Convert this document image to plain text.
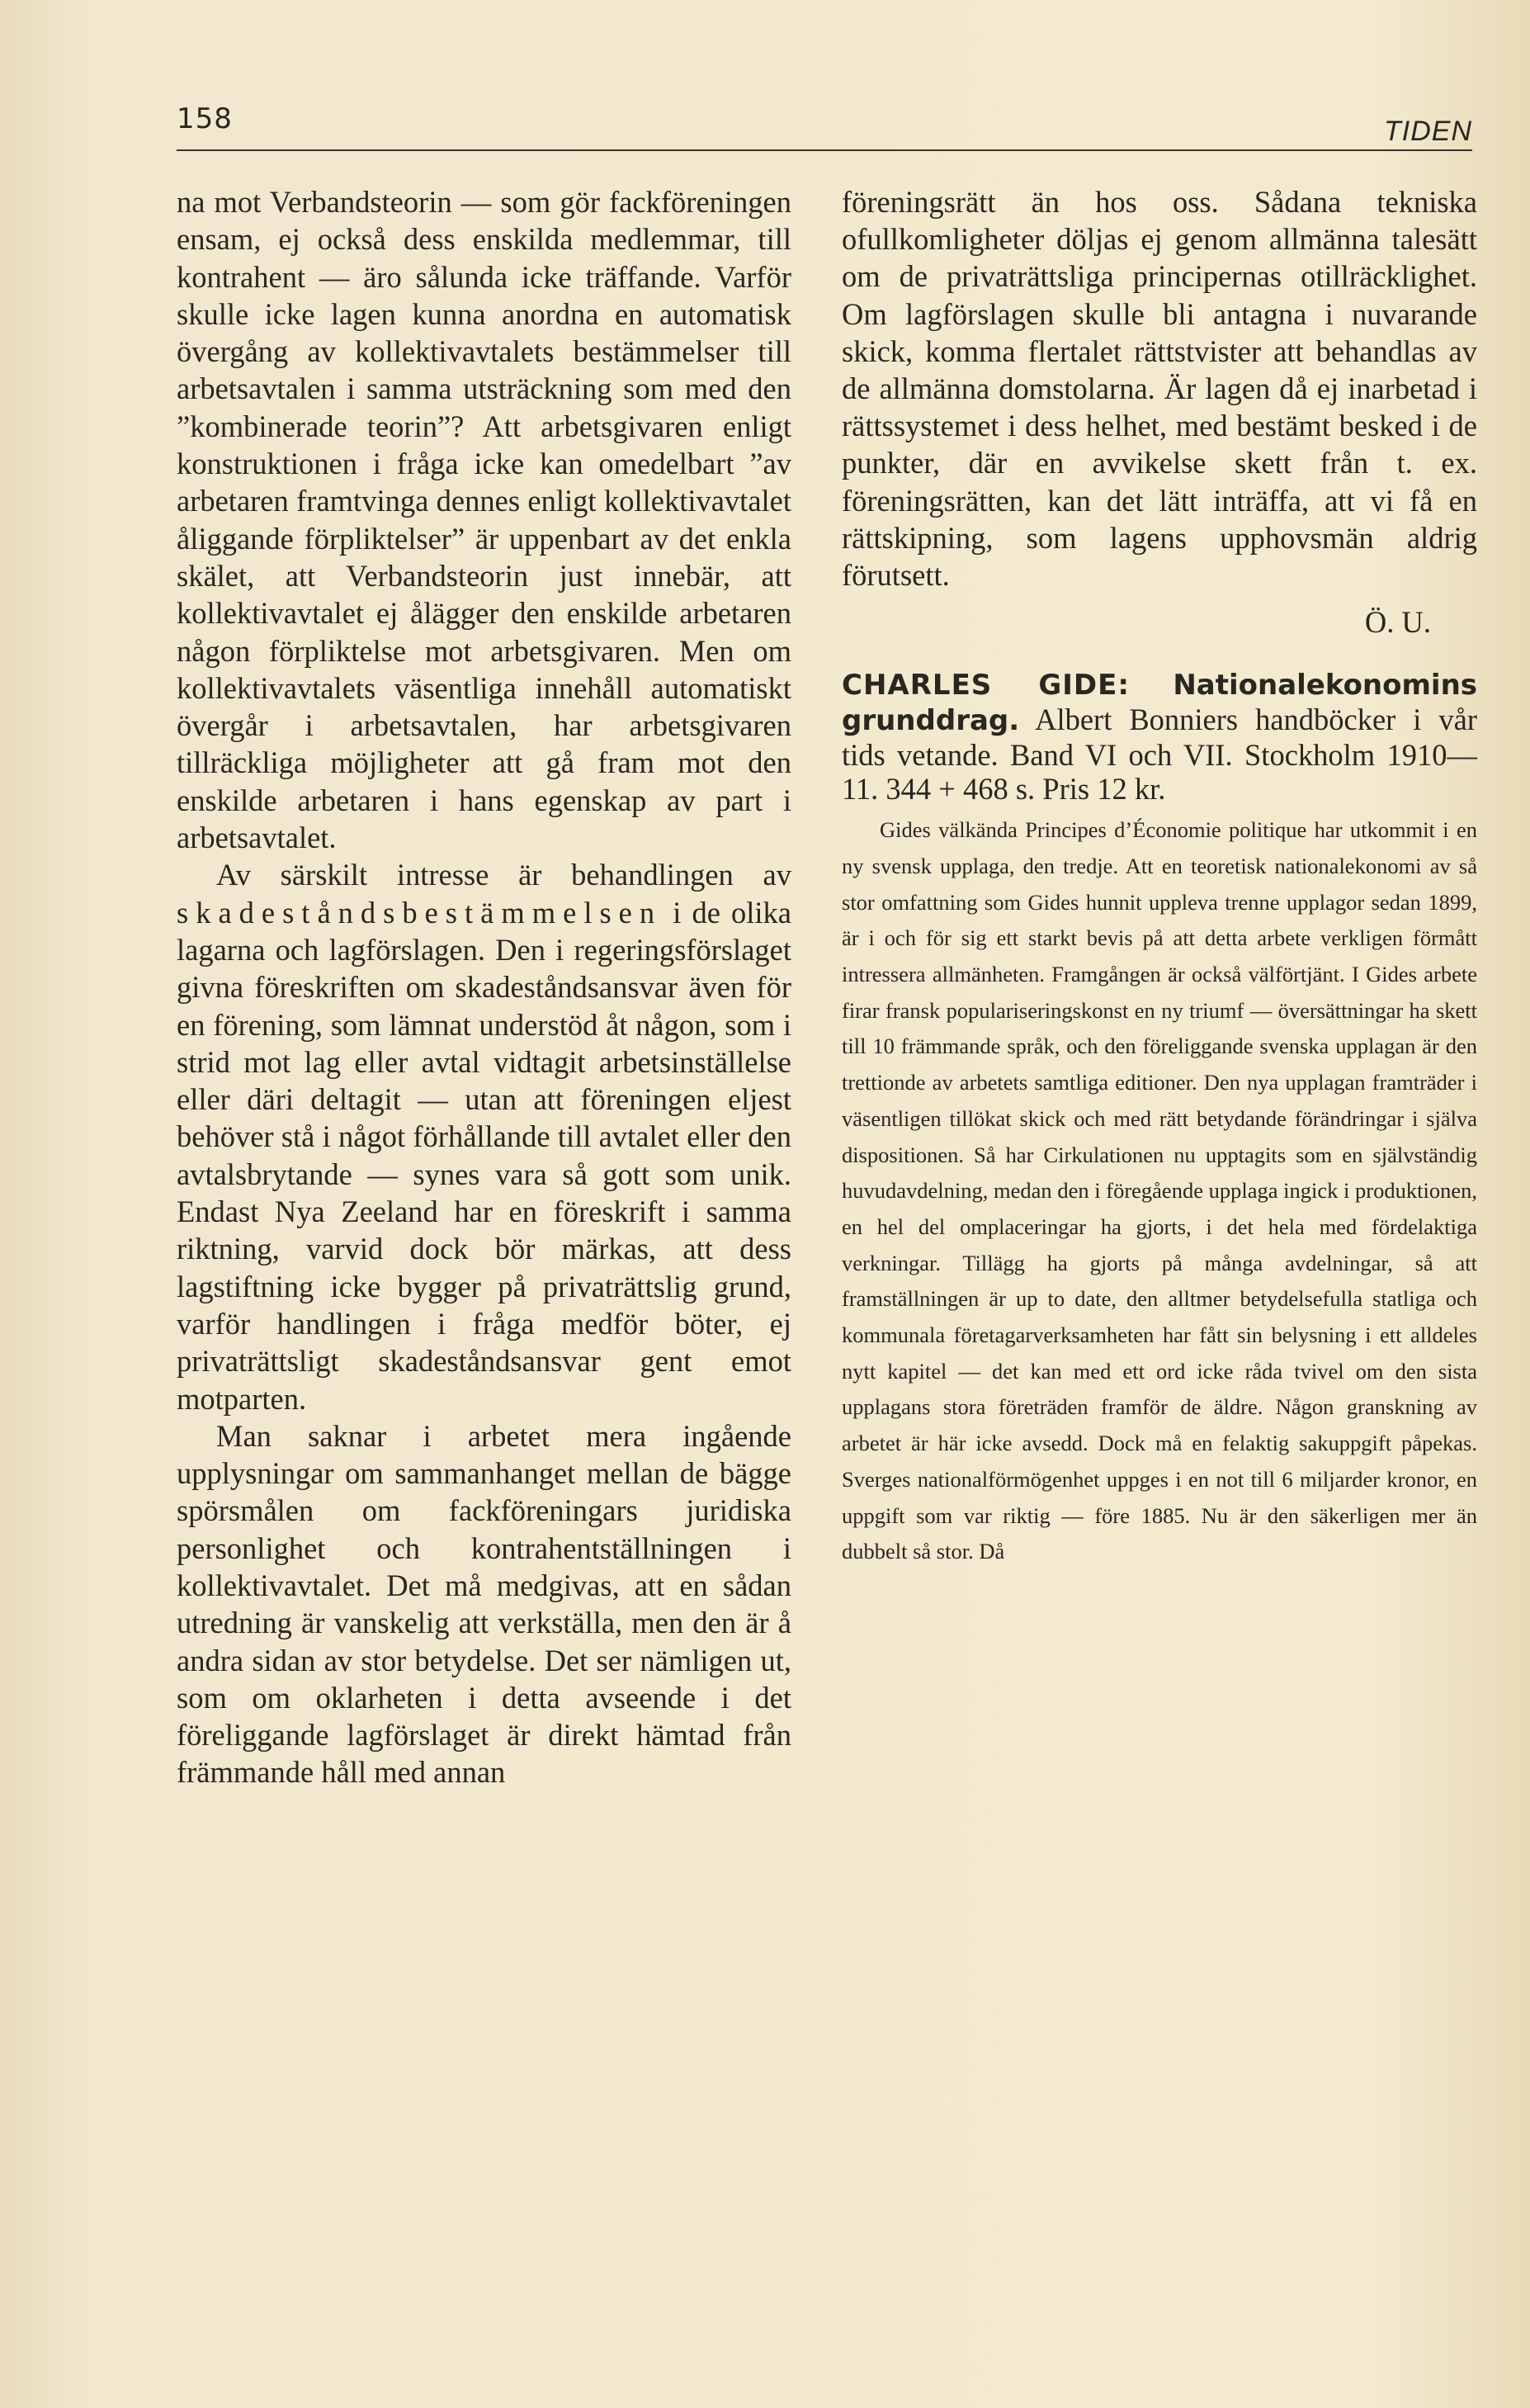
158	TIDEN

na mot Verbandsteorin — som gör fackföreningen ensam, ej också dess enskilda medlemmar, till kontrahent — äro sålunda icke träffande. Varför skulle icke lagen kunna anordna en automatisk övergång av kollektivavtalets bestämmelser till arbetsavtalen i samma utsträckning som med den ”kombinerade teorin”? Att arbetsgivaren enligt konstruktionen i fråga icke kan omedelbart ”av arbetaren framtvinga dennes enligt kollektivavtalet åliggande förpliktelser” är uppenbart av det enkla skälet, att Verbandsteorin just innebär, att kollektivavtalet ej ålägger den enskilde arbetaren någon förpliktelse mot arbetsgivaren. Men om kollektivavtalets väsentliga innehåll automatiskt övergår i arbetsavtalen, har arbetsgivaren tillräckliga möjligheter att gå fram mot den enskilde arbetaren i hans egenskap av part i arbetsavtalet.

Av särskilt intresse är behandlingen av skadeståndsbestämmelsen i de olika lagarna och lagförslagen. Den i regeringsförslaget givna föreskriften om skadeståndsansvar även för en förening, som lämnat understöd åt någon, som i strid mot lag eller avtal vidtagit arbetsinställelse eller däri deltagit — utan att föreningen eljest behöver stå i något förhållande till avtalet eller den avtalsbrytande — synes vara så gott som unik. Endast Nya Zeeland har en föreskrift i samma riktning, varvid dock bör märkas, att dess lagstiftning icke bygger på privaträttslig grund, varför handlingen i fråga medför böter, ej privaträttsligt skadeståndsansvar gent emot motparten.

Man saknar i arbetet mera ingående upplysningar om sammanhanget mellan de bägge spörsmålen om fackföreningars juridiska personlighet och kontrahentställningen i kollektivavtalet. Det må medgivas, att en sådan utredning är vanskelig att verkställa, men den är å andra sidan av stor betydelse. Det ser nämligen ut, som om oklarheten i detta avseende i det föreliggande lagförslaget är direkt hämtad från främmande håll med annan

föreningsrätt än hos oss. Sådana tekniska ofullkomligheter döljas ej genom allmänna talesätt om de privaträttsliga principernas otillräcklighet. Om lagförslagen skulle bli antagna i nuvarande skick, komma flertalet rättstvister att behandlas av de allmänna domstolarna. Är lagen då ej inarbetad i rättssystemet i dess helhet, med bestämt besked i de punkter, där en avvikelse skett från t. ex. föreningsrätten, kan det lätt inträffa, att vi få en rättskipning, som lagens upphovsmän aldrig förutsett.

Ö. U.

CHARLES GIDE: Nationalekonomins grunddrag. Albert Bonniers handböcker i vår tids vetande. Band VI och VII. Stockholm 1910—11. 344 + 468 s. Pris 12 kr.

Gides välkända Principes d’Économie politique har utkommit i en ny svensk upplaga, den tredje. Att en teoretisk nationalekonomi av så stor omfattning som Gides hunnit uppleva trenne upplagor sedan 1899, är i och för sig ett starkt bevis på att detta arbete verkligen förmått intressera allmänheten. Framgången är också välförtjänt. I Gides arbete firar fransk populariseringskonst en ny triumf — översättningar ha skett till 10 främmande språk, och den föreliggande svenska upplagan är den trettionde av arbetets samtliga editioner. Den nya upplagan framträder i väsentligen tillökat skick och med rätt betydande förändringar i själva dispositionen. Så har Cirkulationen nu upptagits som en självständig huvudavdelning, medan den i föregående upplaga ingick i produktionen, en hel del omplaceringar ha gjorts, i det hela med fördelaktiga verkningar. Tillägg ha gjorts på många avdelningar, så att framställningen är up to date, den alltmer betydelsefulla statliga och kommunala företagarverksamheten har fått sin belysning i ett alldeles nytt kapitel — det kan med ett ord icke råda tvivel om den sista upplagans stora företräden framför de äldre. Någon granskning av arbetet är här icke avsedd. Dock må en felaktig sakuppgift påpekas. Sverges nationalförmögenhet uppges i en not till 6 miljarder kronor, en uppgift som var riktig — före 1885. Nu är den säkerligen mer än dubbelt så stor. Då
